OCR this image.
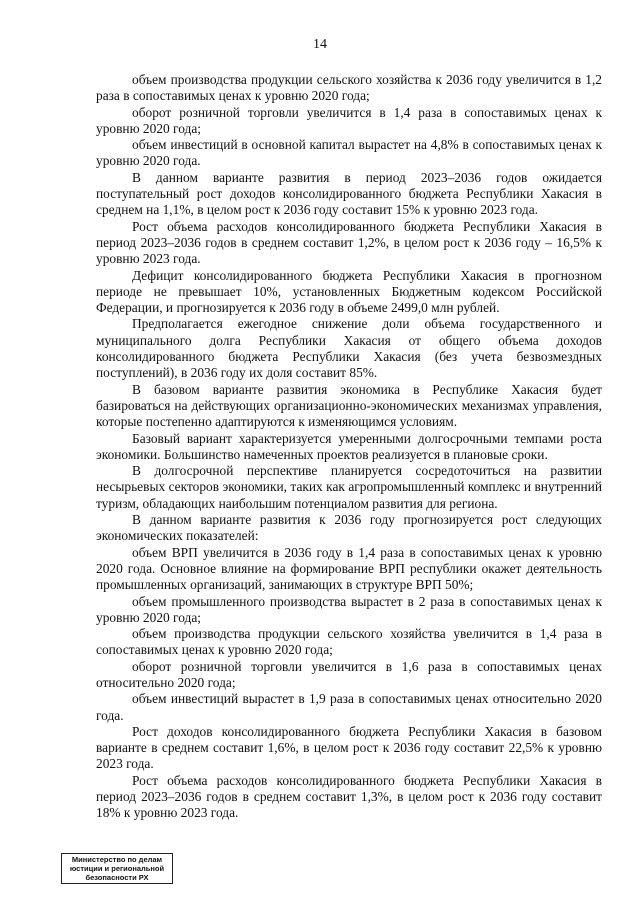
14

объем производства продукции сельского хозяйства к 2036 году увеличится в 1,2 раза в сопоставимых ценах к уровню 2020 года;

оборот розничной торговли увеличится в 1,4 раза в сопоставимых ценах к уровню 2020 года;

объем инвестиций в основной капитал вырастет на 4,8% в сопоставимых ценах к уровню 2020 года.

В данном варианте развития в период 2023–2036 годов ожидается поступательный рост доходов консолидированного бюджета Республики Хакасия в среднем на 1,1%, в целом рост к 2036 году составит 15% к уровню 2023 года.

Рост объема расходов консолидированного бюджета Республики Хакасия в период 2023–2036 годов в среднем составит 1,2%, в целом рост к 2036 году – 16,5% к уровню 2023 года.

Дефицит консолидированного бюджета Республики Хакасия в прогнозном периоде не превышает 10%, установленных Бюджетным кодексом Российской Федерации, и прогнозируется к 2036 году в объеме 2499,0 млн рублей.

Предполагается ежегодное снижение доли объема государственного и муниципального долга Республики Хакасия от общего объема доходов консолидированного бюджета Республики Хакасия (без учета безвозмездных поступлений), в 2036 году их доля составит 85%.

В базовом варианте развития экономика в Республике Хакасия будет базироваться на действующих организационно-экономических механизмах управления, которые постепенно адаптируются к изменяющимся условиям.

Базовый вариант характеризуется умеренными долгосрочными темпами роста экономики. Большинство намеченных проектов реализуется в плановые сроки.

В долгосрочной перспективе планируется сосредоточиться на развитии несырьевых секторов экономики, таких как агропромышленный комплекс и внутренний туризм, обладающих наибольшим потенциалом развития для региона.

В данном варианте развития к 2036 году прогнозируется рост следующих экономических показателей:

объем ВРП увеличится в 2036 году в 1,4 раза в сопоставимых ценах к уровню 2020 года. Основное влияние на формирование ВРП республики окажет деятельность промышленных организаций, занимающих в структуре ВРП 50%;

объем промышленного производства вырастет в 2 раза в сопоставимых ценах к уровню 2020 года;

объем производства продукции сельского хозяйства увеличится в 1,4 раза в сопоставимых ценах к уровню 2020 года;

оборот розничной торговли увеличится в 1,6 раза в сопоставимых ценах относительно 2020 года;

объем инвестиций вырастет в 1,9 раза в сопоставимых ценах относительно 2020 года.

Рост доходов консолидированного бюджета Республики Хакасия в базовом варианте в среднем составит 1,6%, в целом рост к 2036 году составит 22,5% к уровню 2023 года.

Рост объема расходов консолидированного бюджета Республики Хакасия в период 2023–2036 годов в среднем составит 1,3%, в целом рост к 2036 году составит 18% к уровню 2023 года.

Министерство по делам
юстиции и региональной
безопасности РХ
